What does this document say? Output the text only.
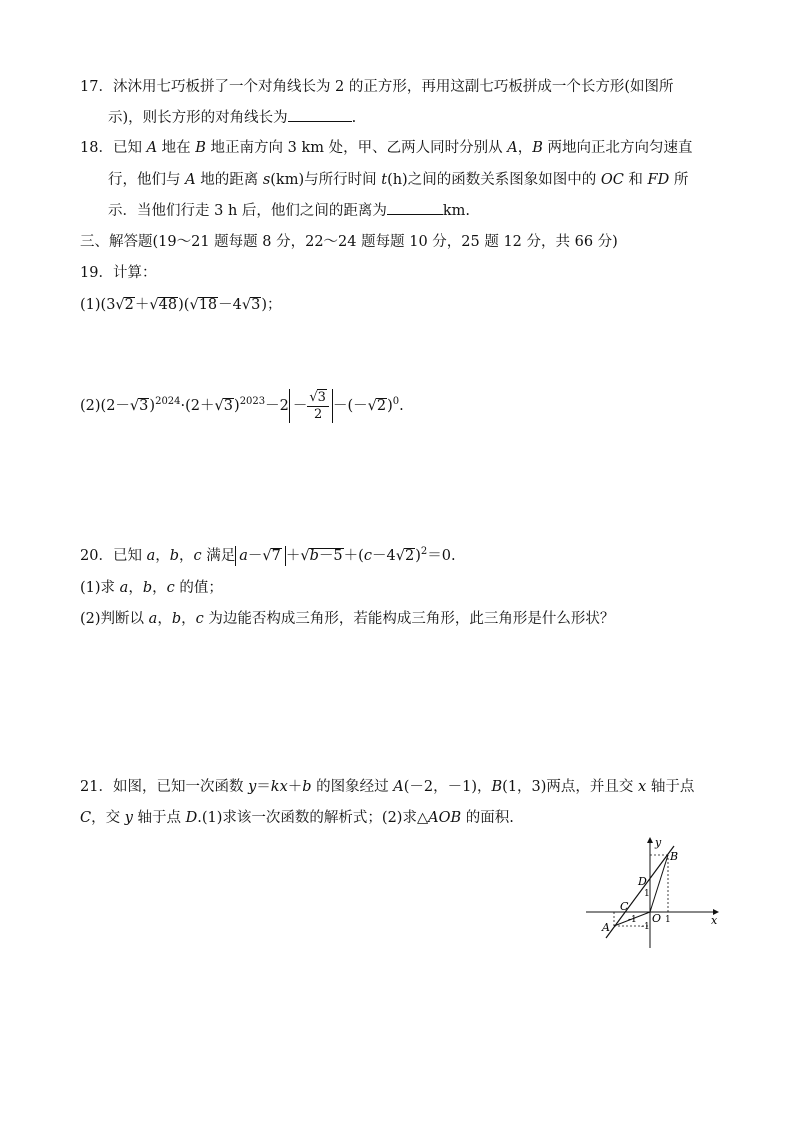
17．沐沐用七巧板拼了一个对角线长为 2 的正方形，再用这副七巧板拼成一个长方形(如图所
示)，则长方形的对角线长为	.
18．已知 A 地在 B 地正南方向 3 km 处，甲、乙两人同时分别从 A，B 两地向正北方向匀速直
行，他们与 A 地的距离 s(km)与所行时间 t(h)之间的函数关系图象如图中的 OC 和 FD 所
示．当他们行走 3 h 后，他们之间的距离为	km.
三、解答题(19～21 题每题 8 分，22～24 题每题 10 分，25 题 12 分，共 66 分)
19．计算：
(1)(3√2＋√48)(√18－4√3)；
$(2)(2-√3)^{2024}\cdot(2+√3)^{2023}-2 - \frac{√3}{2} -(-√2)^0$.
20．已知 a，b，c 满足 $a-√7 +√b-5+(c-4√2)^2=0$.
(1)求 a，b，c 的值；
(2)判断以 a，b，c 为边能否构成三角形，若能构成三角形，此三角形是什么形状？
21．如图，已知一次函数 y＝kx＋b 的图象经过 A(－2，－1)，B(1，3)两点，并且交 x 轴于点
C，交 y 轴于点 D.(1)求该一次函数的解析式；(2)求△AOB 的面积.
y
x
B
D
C
O
A
1
1
-1
-1
